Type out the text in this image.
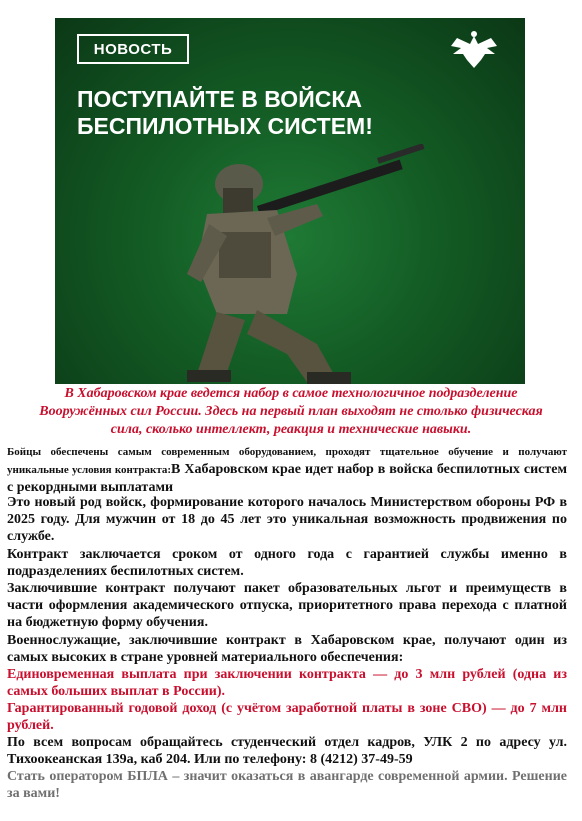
НОВОСТЬ
ПОСТУПАЙТЕ В ВОЙСКА
БЕСПИЛОТНЫХ СИСТЕМ!

В Хабаровском крае ведется набор в самое технологичное подразделение
Вооружённых сил России. Здесь на первый план выходят не столько физическая
сила, сколько интеллект, реакция и технические навыки.

Бойцы обеспечены самым современным оборудованием, проходят тщательное обучение и получают уникальные условия контракта:В Хабаровском крае идет набор в войска беспилотных систем с рекордными выплатами

Это новый род войск, формирование которого началось Министерством обороны РФ в 2025 году. Для мужчин от 18 до 45 лет это уникальная возможность продвижения по службе.

Контракт заключается сроком от одного года с гарантией службы именно в подразделениях беспилотных систем.

Заключившие контракт получают пакет образовательных льгот и преимуществ в части оформления академического отпуска, приоритетного права перехода с платной на бюджетную форму обучения.

Военнослужащие, заключившие контракт в Хабаровском крае, получают один из самых высоких в стране уровней материального обеспечения:

Единовременная выплата при заключении контракта — до 3 млн рублей (одна из самых больших выплат в России).

Гарантированный годовой доход (с учётом заработной платы в зоне СВО) — до 7 млн рублей.

По всем вопросам обращайтесь студенческий отдел кадров, УЛК 2 по адресу ул. Тихоокеанская 139а, каб 204. Или по телефону: 8 (4212) 37-49-59

Стать оператором БПЛА – значит оказаться в авангарде современной армии. Решение за вами!
